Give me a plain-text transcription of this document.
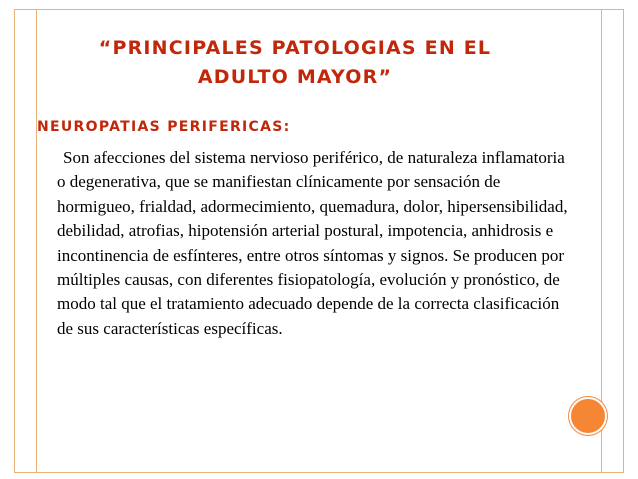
“PRINCIPALES PATOLOGIAS EN EL ADULTO MAYOR”
NEUROPATIAS PERIFERICAS:
Son afecciones del sistema nervioso periférico, de naturaleza inflamatoria o degenerativa, que se manifiestan clínicamente por sensación de hormigueo, frialdad, adormecimiento, quemadura, dolor, hipersensibilidad, debilidad, atrofias, hipotensión arterial postural, impotencia, anhidrosis e incontinencia de esfínteres, entre otros síntomas y signos. Se producen por múltiples causas, con diferentes fisiopatología, evolución y pronóstico, de modo tal que el tratamiento adecuado depende de la correcta clasificación de sus características específicas.
